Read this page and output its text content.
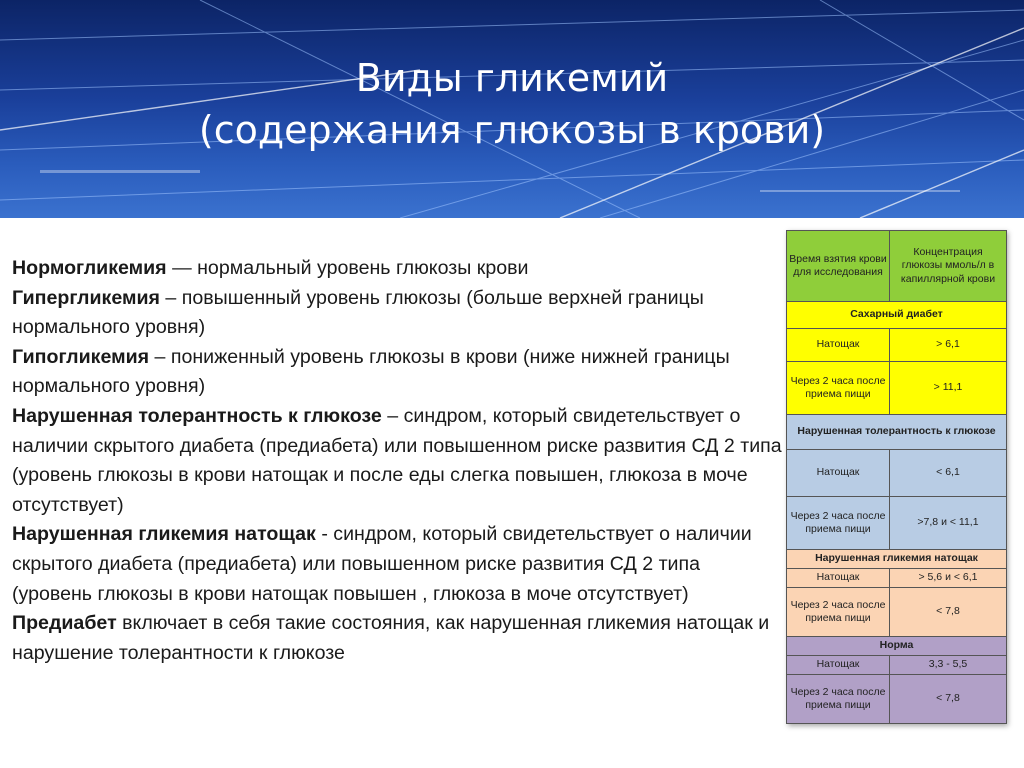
Виды гликемий
(содержания глюкозы в крови)

Нормогликемия — нормальный уровень глюкозы крови

Гипергликемия – повышенный уровень глюкозы (больше верхней границы нормального уровня)

Гипогликемия – пониженный уровень глюкозы в крови (ниже нижней границы нормального уровня)

Нарушенная толерантность к глюкозе – синдром, который свидетельствует о наличии скрытого диабета (предиабета) или повышенном риске развития СД 2 типа (уровень глюкозы в крови натощак и после еды слегка повышен, глюкоза в моче отсутствует)

Нарушенная гликемия натощак - синдром, который свидетельствует о наличии скрытого диабета (предиабета) или повышенном риске развития СД 2 типа (уровень глюкозы в крови натощак повышен , глюкоза в моче отсутствует)

Предиабет включает в себя такие состояния, как нарушенная гликемия натощак и нарушение толерантности к глюкозе

Время взятия крови для исследования	Концентрация глюкозы ммоль/л в капиллярной крови
Сахарный диабет	
Натощак	> 6,1
Через 2 часа после приема пищи	> 11,1
Нарушенная толерантность к глюкозе	
Натощак	< 6,1
Через 2 часа после приема пищи	>7,8 и < 11,1
Нарушенная гликемия натощак	
Натощак	> 5,6 и < 6,1
Через 2 часа после приема пищи	< 7,8
Норма	
Натощак	3,3 - 5,5
Через 2 часа после приема пищи	< 7,8
